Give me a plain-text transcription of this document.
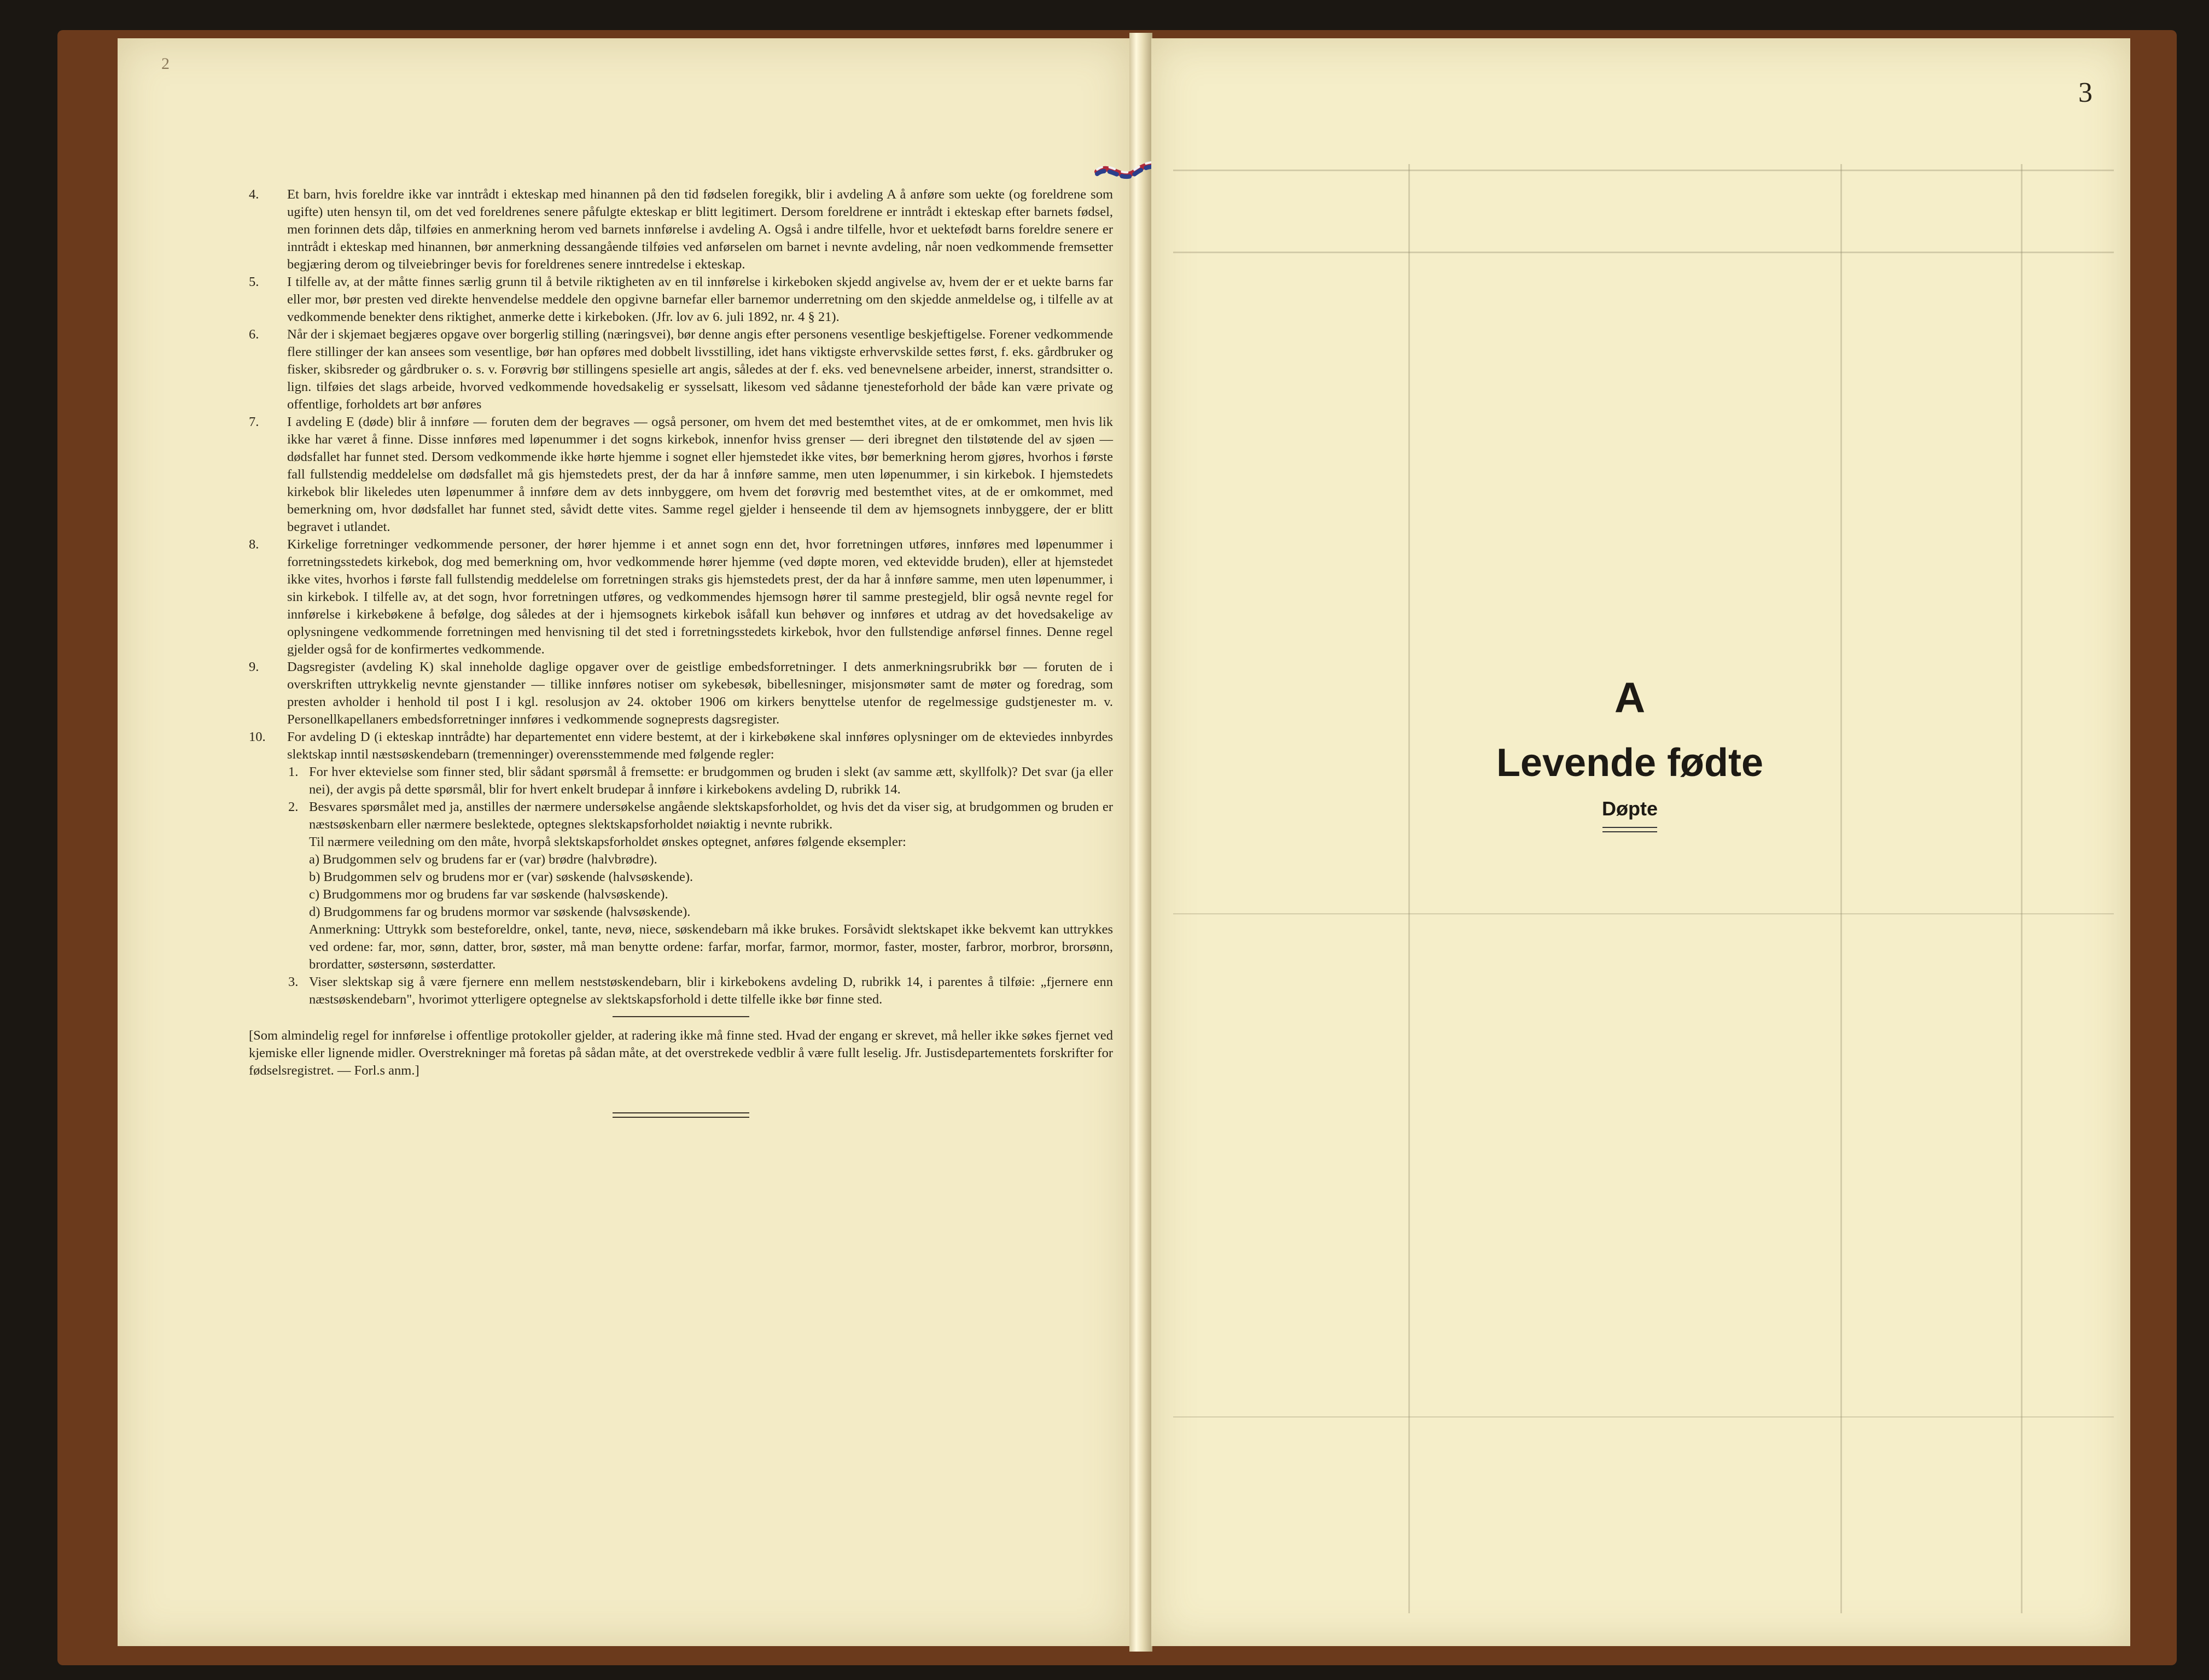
2

4. Et barn, hvis foreldre ikke var inntrådt i ekteskap med hinannen på den tid fødselen foregikk, blir i avdeling A å anføre som uekte (og foreldrene som ugifte) uten hensyn til, om det ved foreldrenes senere påfulgte ekteskap er blitt legitimert. Dersom foreldrene er inntrådt i ekteskap efter barnets fødsel, men forinnen dets dåp, tilføies en anmerkning herom ved barnets innførelse i avdeling A. Også i andre tilfelle, hvor et uektefødt barns foreldre senere er inntrådt i ekteskap med hinannen, bør anmerkning dessangående tilføies ved anførselen om barnet i nevnte avdeling, når noen vedkommende fremsetter begjæring derom og tilveiebringer bevis for foreldrenes senere inntredelse i ekteskap.

5. I tilfelle av, at der måtte finnes særlig grunn til å betvile riktigheten av en til innførelse i kirkeboken skjedd angivelse av, hvem der er et uekte barns far eller mor, bør presten ved direkte henvendelse meddele den opgivne barnefar eller barnemor underretning om den skjedde anmeldelse og, i tilfelle av at vedkommende benekter dens riktighet, anmerke dette i kirkeboken. (Jfr. lov av 6. juli 1892, nr. 4 § 21).

6. Når der i skjemaet begjæres opgave over borgerlig stilling (næringsvei), bør denne angis efter personens vesentlige beskjeftigelse. Forener vedkommende flere stillinger der kan ansees som vesentlige, bør han opføres med dobbelt livsstilling, idet hans viktigste erhvervskilde settes først, f. eks. gårdbruker og fisker, skibsreder og gårdbruker o. s. v. Forøvrig bør stillingens spesielle art angis, således at der f. eks. ved benevnelsene arbeider, innerst, strandsitter o. lign. tilføies det slags arbeide, hvorved vedkommende hovedsakelig er sysselsatt, likesom ved sådanne tjenesteforhold der både kan være private og offentlige, forholdets art bør anføres

7. I avdeling E (døde) blir å innføre — foruten dem der begraves — også personer, om hvem det med bestemthet vites, at de er omkommet, men hvis lik ikke har været å finne. Disse innføres med løpenummer i det sogns kirkebok, innenfor hviss grenser — deri ibregnet den tilstøtende del av sjøen — dødsfallet har funnet sted. Dersom vedkommende ikke hørte hjemme i sognet eller hjemstedet ikke vites, bør bemerkning herom gjøres, hvorhos i første fall fullstendig meddelelse om dødsfallet må gis hjemstedets prest, der da har å innføre samme, men uten løpenummer, i sin kirkebok. I hjemstedets kirkebok blir likeledes uten løpenummer å innføre dem av dets innbyggere, om hvem det forøvrig med bestemthet vites, at de er omkommet, med bemerkning om, hvor dødsfallet har funnet sted, såvidt dette vites. Samme regel gjelder i henseende til dem av hjemsognets innbyggere, der er blitt begravet i utlandet.

8. Kirkelige forretninger vedkommende personer, der hører hjemme i et annet sogn enn det, hvor forretningen utføres, innføres med løpenummer i forretningsstedets kirkebok, dog med bemerkning om, hvor vedkommende hører hjemme (ved døpte moren, ved ektevidde bruden), eller at hjemstedet ikke vites, hvorhos i første fall fullstendig meddelelse om forretningen straks gis hjemstedets prest, der da har å innføre samme, men uten løpenummer, i sin kirkebok. I tilfelle av, at det sogn, hvor forretningen utføres, og vedkommendes hjemsogn hører til samme prestegjeld, blir også nevnte regel for innførelse i kirkebøkene å befølge, dog således at der i hjemsognets kirkebok isåfall kun behøver og innføres et utdrag av det hovedsakelige av oplysningene vedkommende forretningen med henvisning til det sted i forretningsstedets kirkebok, hvor den fullstendige anførsel finnes. Denne regel gjelder også for de konfirmertes vedkommende.

9. Dagsregister (avdeling K) skal inneholde daglige opgaver over de geistlige embedsforretninger. I dets anmerkningsrubrikk bør — foruten de i overskriften uttrykkelig nevnte gjenstander — tillike innføres notiser om sykebesøk, bibellesninger, misjonsmøter samt de møter og foredrag, som presten avholder i henhold til post I i kgl. resolusjon av 24. oktober 1906 om kirkers benyttelse utenfor de regelmessige gudstjenester m. v. Personellkapellaners embedsforretninger innføres i vedkommende sogneprests dagsregister.

10. For avdeling D (i ekteskap inntrådte) har departementet enn videre bestemt, at der i kirkebøkene skal innføres oplysninger om de ekteviedes innbyrdes slektskap inntil næstsøskendebarn (tremenninger) overensstemmende med følgende regler:

1. For hver ektevielse som finner sted, blir sådant spørsmål å fremsette: er brudgommen og bruden i slekt (av samme ætt, skyllfolk)? Det svar (ja eller nei), der avgis på dette spørsmål, blir for hvert enkelt brudepar å innføre i kirkebokens avdeling D, rubrikk 14.
2. Besvares spørsmålet med ja, anstilles der nærmere undersøkelse angående slektskapsforholdet, og hvis det da viser sig, at brudgommen og bruden er næstsøskenbarn eller nærmere beslektede, optegnes slektskapsforholdet nøiaktig i nevnte rubrikk.
Til nærmere veiledning om den måte, hvorpå slektskapsforholdet ønskes optegnet, anføres følgende eksempler:
a) Brudgommen selv og brudens far er (var) brødre (halvbrødre).
b) Brudgommen selv og brudens mor er (var) søskende (halvsøskende).
c) Brudgommens mor og brudens far var søskende (halvsøskende).
d) Brudgommens far og brudens mormor var søskende (halvsøskende).
Anmerkning: Uttrykk som besteforeldre, onkel, tante, nevø, niece, søskendebarn må ikke brukes. Forsåvidt slektskapet ikke bekvemt kan uttrykkes ved ordene: far, mor, sønn, datter, bror, søster, må man benytte ordene: farfar, morfar, farmor, mormor, faster, moster, farbror, morbror, brorsønn, brordatter, søstersønn, søsterdatter.
3. Viser slektskap sig å være fjernere enn mellem neststøskendebarn, blir i kirkebokens avdeling D, rubrikk 14, i parentes å tilføie: „fjernere enn næstsøskendebarn", hvorimot ytterligere optegnelse av slektskapsforhold i dette tilfelle ikke bør finne sted.

[Som almindelig regel for innførelse i offentlige protokoller gjelder, at radering ikke må finne sted. Hvad der engang er skrevet, må heller ikke søkes fjernet ved kjemiske eller lignende midler. Overstrekninger må foretas på sådan måte, at det overstrekede vedblir å være fullt leselig. Jfr. Justisdepartementets forskrifter for fødselsregistret. — Forl.s anm.]

3
A
Levende fødte
Døpte
